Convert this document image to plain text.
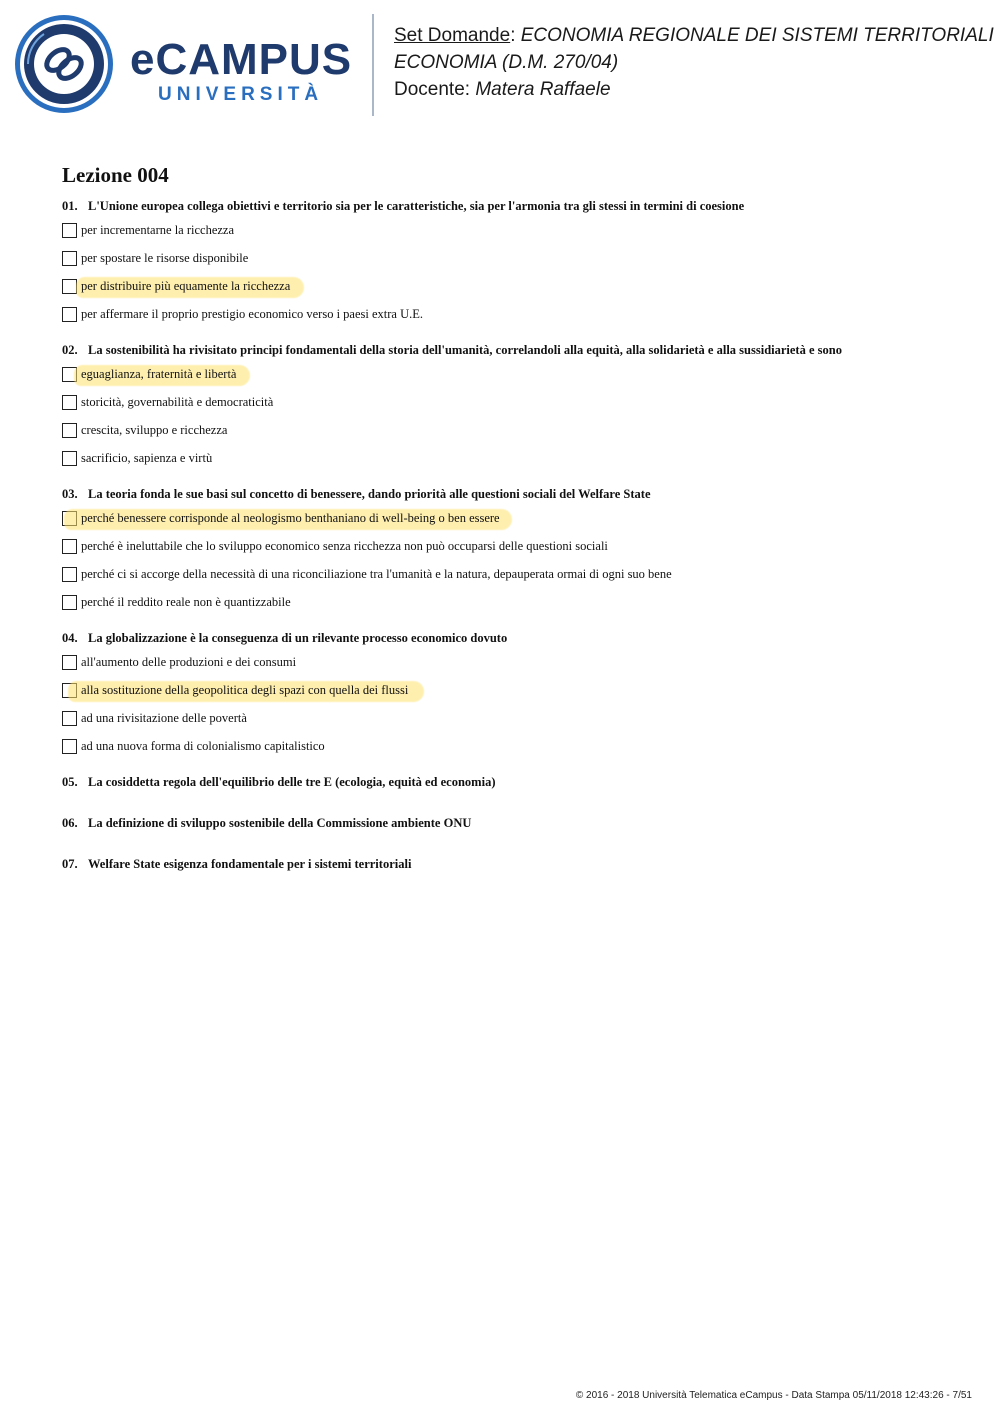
eCAMPUS
UNIVERSITÀ
Set Domande: ECONOMIA REGIONALE DEI SISTEMI TERRITORIALI
ECONOMIA (D.M. 270/04)
Docente: Matera Raffaele
Lezione 004
01. L'Unione europea collega obiettivi e territorio sia per le caratteristiche, sia per l'armonia tra gli stessi in termini di coesione
per incrementarne la ricchezza
per spostare le risorse disponibile
per distribuire più equamente la ricchezza
per affermare il proprio prestigio economico verso i paesi extra U.E.
02. La sostenibilità ha rivisitato principi fondamentali della storia dell'umanità, correlandoli alla equità, alla solidarietà e alla sussidiarietà e sono
eguaglianza, fraternità e libertà
storicità, governabilità e democraticità
crescita, sviluppo e ricchezza
sacrificio, sapienza e virtù
03. La teoria fonda le sue basi sul concetto di benessere, dando priorità alle questioni sociali del Welfare State
perché benessere corrisponde al neologismo benthaniano di well-being o ben essere
perché è ineluttabile che lo sviluppo economico senza ricchezza non può occuparsi delle questioni sociali
perché ci si accorge della necessità di una riconciliazione tra l'umanità e la natura, depauperata ormai di ogni suo bene
perché il reddito reale non è quantizzabile
04. La globalizzazione è la conseguenza di un rilevante processo economico dovuto
all'aumento delle produzioni e dei consumi
alla sostituzione della geopolitica degli spazi con quella dei flussi
ad una rivisitazione delle povertà
ad una nuova forma di colonialismo capitalistico
05. La cosiddetta regola dell'equilibrio delle tre E (ecologia, equità ed economia)
06. La definizione di sviluppo sostenibile della Commissione ambiente ONU
07. Welfare State esigenza fondamentale per i sistemi territoriali
© 2016 - 2018 Università Telematica eCampus - Data Stampa 05/11/2018 12:43:26 - 7/51
